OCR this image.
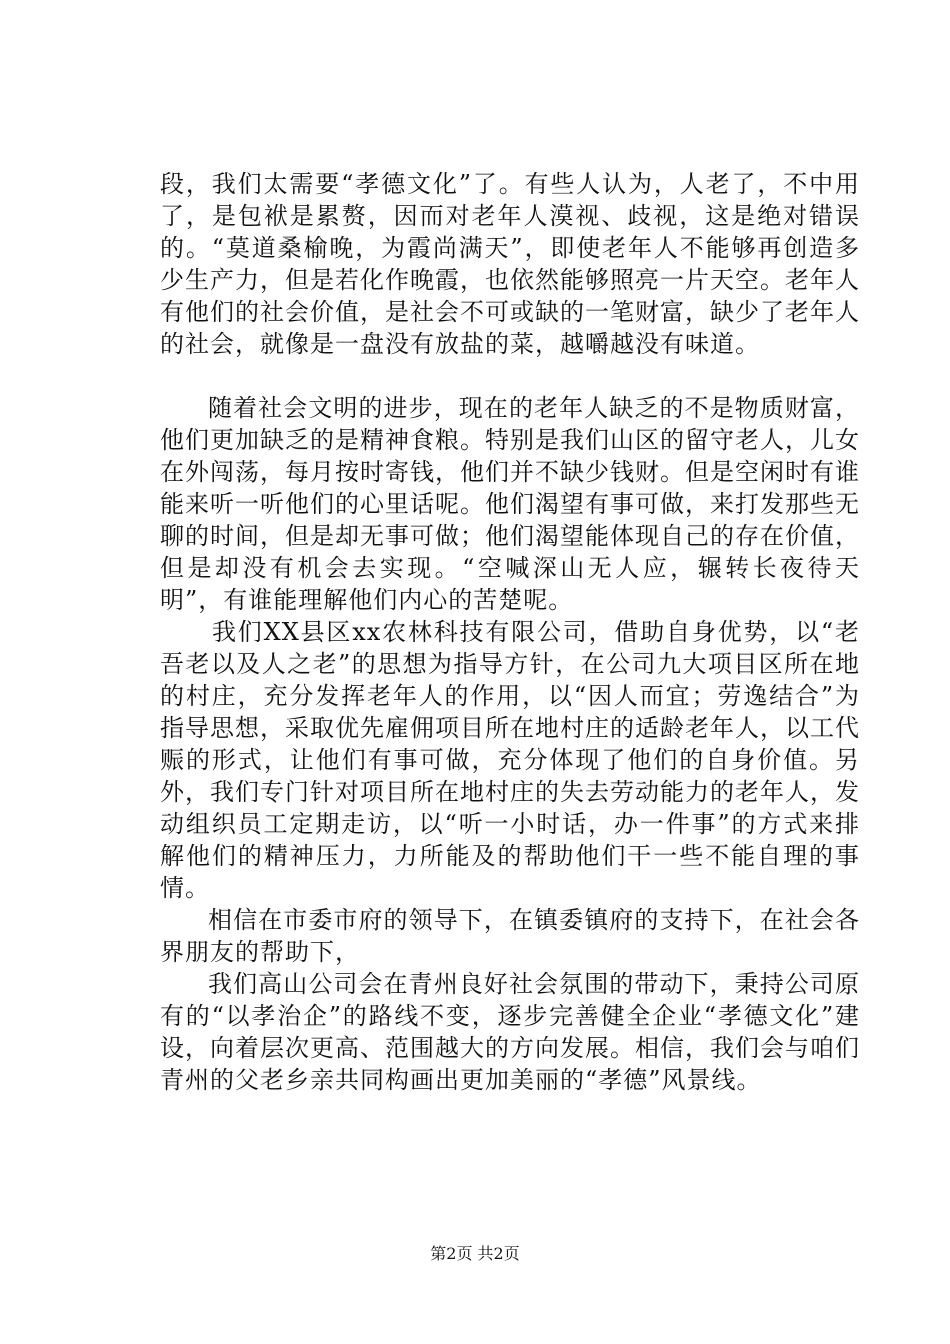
段，我们太需要“孝德文化”了。有些人认为，人老了，不中用了，是包袱是累赘，因而对老年人漠视、歧视，这是绝对错误的。“莫道桑榆晚，为霞尚满天”，即使老年人不能够再创造多少生产力，但是若化作晚霞，也依然能够照亮一片天空。老年人有他们的社会价值，是社会不可或缺的一笔财富，缺少了老年人的社会，就像是一盘没有放盐的菜，越嚼越没有味道。

随着社会文明的进步，现在的老年人缺乏的不是物质财富，他们更加缺乏的是精神食粮。特别是我们山区的留守老人，儿女在外闯荡，每月按时寄钱，他们并不缺少钱财。但是空闲时有谁能来听一听他们的心里话呢。他们渴望有事可做，来打发那些无聊的时间，但是却无事可做；他们渴望能体现自己的存在价值，但是却没有机会去实现。“空喊深山无人应，辗转长夜待天明”，有谁能理解他们内心的苦楚呢。

我们XX县区xx农林科技有限公司，借助自身优势，以“老吾老以及人之老”的思想为指导方针，在公司九大项目区所在地的村庄，充分发挥老年人的作用，以“因人而宜；劳逸结合”为指导思想，采取优先雇佣项目所在地村庄的适龄老年人，以工代赈的形式，让他们有事可做，充分体现了他们的自身价值。另外，我们专门针对项目所在地村庄的失去劳动能力的老年人，发动组织员工定期走访，以“听一小时话，办一件事”的方式来排解他们的精神压力，力所能及的帮助他们干一些不能自理的事情。

相信在市委市府的领导下，在镇委镇府的支持下，在社会各界朋友的帮助下，

我们高山公司会在青州良好社会氛围的带动下，秉持公司原有的“以孝治企”的路线不变，逐步完善健全企业“孝德文化”建设，向着层次更高、范围越大的方向发展。相信，我们会与咱们青州的父老乡亲共同构画出更加美丽的“孝德”风景线。

第2页 共2页
